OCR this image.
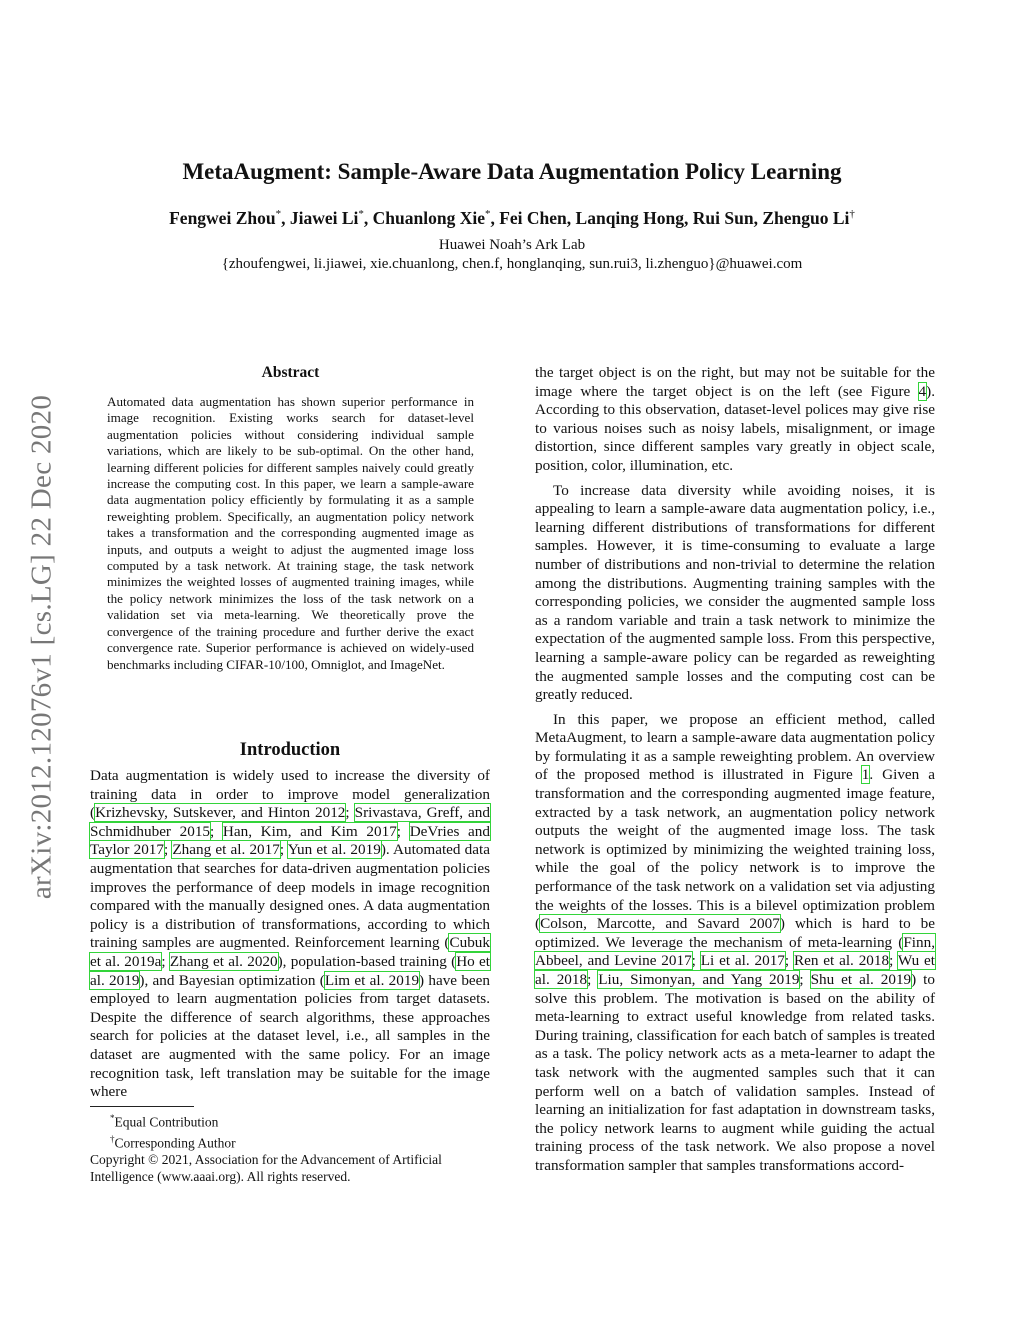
arXiv:2012.12076v1 [cs.LG] 22 Dec 2020
MetaAugment: Sample-Aware Data Augmentation Policy Learning
Fengwei Zhou*, Jiawei Li*, Chuanlong Xie*, Fei Chen, Lanqing Hong, Rui Sun, Zhenguo Li†
Huawei Noah’s Ark Lab
{zhoufengwei, li.jiawei, xie.chuanlong, chen.f, honglanqing, sun.rui3, li.zhenguo}@huawei.com
Abstract
Automated data augmentation has shown superior performance in image recognition. Existing works search for dataset-level augmentation policies without considering individual sample variations, which are likely to be sub-optimal. On the other hand, learning different policies for different samples naively could greatly increase the computing cost. In this paper, we learn a sample-aware data augmentation policy efficiently by formulating it as a sample reweighting problem. Specifically, an augmentation policy network takes a transformation and the corresponding augmented image as inputs, and outputs a weight to adjust the augmented image loss computed by a task network. At training stage, the task network minimizes the weighted losses of augmented training images, while the policy network minimizes the loss of the task network on a validation set via meta-learning. We theoretically prove the convergence of the training procedure and further derive the exact convergence rate. Superior performance is achieved on widely-used benchmarks including CIFAR-10/100, Omniglot, and ImageNet.
Introduction

Data augmentation is widely used to increase the diversity of training data in order to improve model generalization (Krizhevsky, Sutskever, and Hinton 2012; Srivastava, Greff, and Schmidhuber 2015; Han, Kim, and Kim 2017; DeVries and Taylor 2017; Zhang et al. 2017; Yun et al. 2019). Automated data augmentation that searches for data-driven augmentation policies improves the performance of deep models in image recognition compared with the manually designed ones. A data augmentation policy is a distribution of transformations, according to which training samples are augmented. Reinforcement learning (Cubuk et al. 2019a; Zhang et al. 2020), population-based training (Ho et al. 2019), and Bayesian optimization (Lim et al. 2019) have been employed to learn augmentation policies from target datasets. Despite the difference of search algorithms, these approaches search for policies at the dataset level, i.e., all samples in the dataset are augmented with the same policy. For an image recognition task, left translation may be suitable for the image where

*Equal Contribution
†Corresponding Author
Copyright © 2021, Association for the Advancement of Artificial Intelligence (www.aaai.org). All rights reserved.

the target object is on the right, but may not be suitable for the image where the target object is on the left (see Figure 4). According to this observation, dataset-level polices may give rise to various noises such as noisy labels, misalignment, or image distortion, since different samples vary greatly in object scale, position, color, illumination, etc.

To increase data diversity while avoiding noises, it is appealing to learn a sample-aware data augmentation policy, i.e., learning different distributions of transformations for different samples. However, it is time-consuming to evaluate a large number of distributions and non-trivial to determine the relation among the distributions. Augmenting training samples with the corresponding policies, we consider the augmented sample loss as a random variable and train a task network to minimize the expectation of the augmented sample loss. From this perspective, learning a sample-aware policy can be regarded as reweighting the augmented sample losses and the computing cost can be greatly reduced.

In this paper, we propose an efficient method, called MetaAugment, to learn a sample-aware data augmentation policy by formulating it as a sample reweighting problem. An overview of the proposed method is illustrated in Figure 1. Given a transformation and the corresponding augmented image feature, extracted by a task network, an augmentation policy network outputs the weight of the augmented image loss. The task network is optimized by minimizing the weighted training loss, while the goal of the policy network is to improve the performance of the task network on a validation set via adjusting the weights of the losses. This is a bilevel optimization problem (Colson, Marcotte, and Savard 2007) which is hard to be optimized. We leverage the mechanism of meta-learning (Finn, Abbeel, and Levine 2017; Li et al. 2017; Ren et al. 2018; Wu et al. 2018; Liu, Simonyan, and Yang 2019; Shu et al. 2019) to solve this problem. The motivation is based on the ability of meta-learning to extract useful knowledge from related tasks. During training, classification for each batch of samples is treated as a task. The policy network acts as a meta-learner to adapt the task network with the augmented samples such that it can perform well on a batch of validation samples. Instead of learning an initialization for fast adaptation in downstream tasks, the policy network learns to augment while guiding the actual training process of the task network. We also propose a novel transformation sampler that samples transformations accord-
